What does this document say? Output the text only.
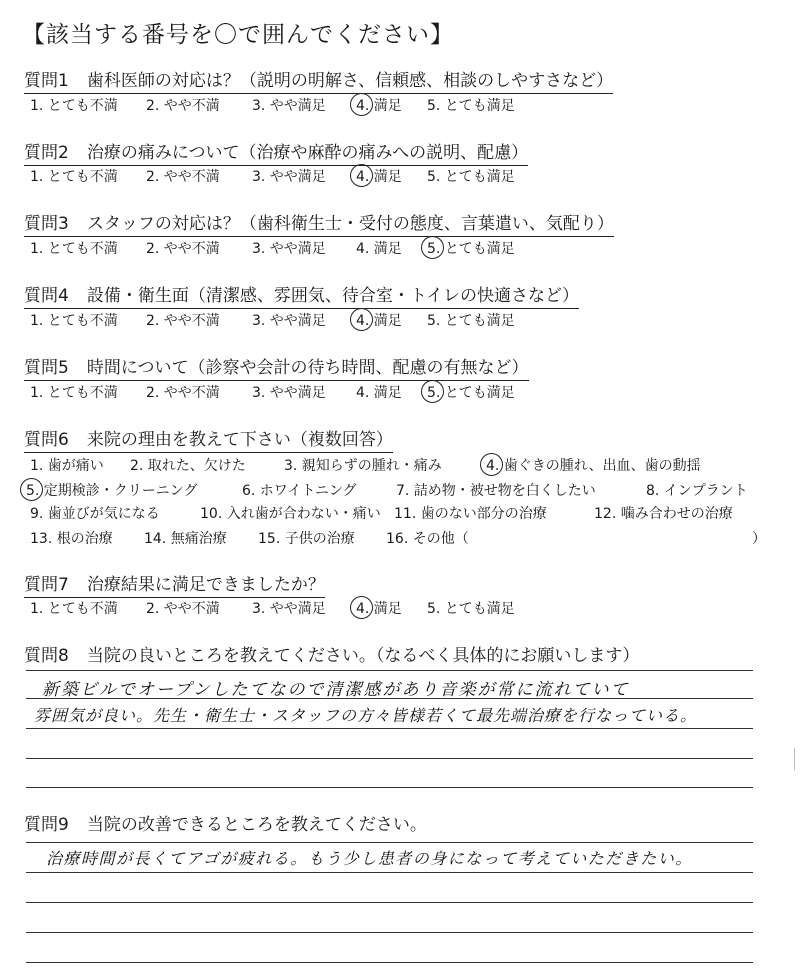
【該当する番号を〇で囲んでください】
質問1 歯科医師の対応は？（説明の明解さ、信頼感、相談のしやすさなど）
1. とても不満	2. やや不満	3. やや満足	4. 満足	5. とても満足
質問2 治療の痛みについて（治療や麻酔の痛みへの説明、配慮）
1. とても不満	2. やや不満	3. やや満足	4. 満足	5. とても満足
質問3 スタッフの対応は？（歯科衛生士・受付の態度、言葉遣い、気配り）
1. とても不満	2. やや不満	3. やや満足	4. 満足	5. とても満足
質問4 設備・衛生面（清潔感、雰囲気、待合室・トイレの快適さなど）
1. とても不満	2. やや不満	3. やや満足	4. 満足	5. とても満足
質問5 時間について（診察や会計の待ち時間、配慮の有無など）
1. とても不満	2. やや不満	3. やや満足	4. 満足	5. とても満足
質問6 来院の理由を教えて下さい（複数回答）
1. 歯が痛い	2. 取れた、欠けた	3. 親知らずの腫れ・痛み	4. 歯ぐきの腫れ、出血、歯の動揺
5. 定期検診・クリーニング	6. ホワイトニング	7. 詰め物・被せ物を白くしたい	8. インプラント
9. 歯並びが気になる	10. 入れ歯が合わない・痛い 11. 歯のない部分の治療	12. 噛み合わせの治療
13. 根の治療	14. 無痛治療	15. 子供の治療	16. その他（	）
質問7 治療結果に満足できましたか？
1. とても不満	2. やや不満	3. やや満足	4. 満足	5. とても満足
質問8 当院の良いところを教えてください。（なるべく具体的にお願いします）
新築ビルでオープンしたてなので清潔感があり音楽が常に流れていて
雰囲気が良い。先生・衛生士・スタッフの方々皆様若くて最先端治療を行なっている。
質問9 当院の改善できるところを教えてください。
治療時間が長くてアゴが疲れる。もう少し患者の身になって考えていただきたい。
